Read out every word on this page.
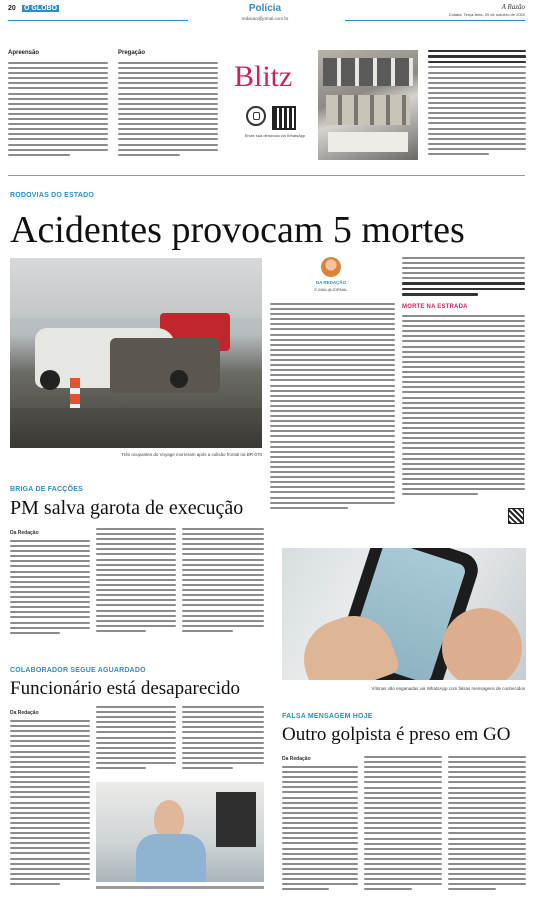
20 O GLOBO	Polícia
redacao@jornal.com.br
A Razão
Cuiabá, Terça-feira, 20 de outubro de 2020
Apreensão	Pregação
Blitz
Envie sua denúncia via WhatsApp
RODOVIAS DO ESTADO
Acidentes provocam 5 mortes
Três ocupantes do Voyage morreram após a colisão frontal na BR-070
DA REDAÇÃO
E-MAIL@JORNAL
MORTE NA ESTRADA
BRIGA DE FACÇÕES
PM salva garota de execução
Da Redação
Vítimas são enganadas via WhatsApp com falsas mensagens de conhecidos
COLABORADOR SEGUE AGUARDADO
Funcionário está desaparecido
Da Redação	FALSA MENSAGEM HOJE
Outro golpista é preso em GO
Da Redação
